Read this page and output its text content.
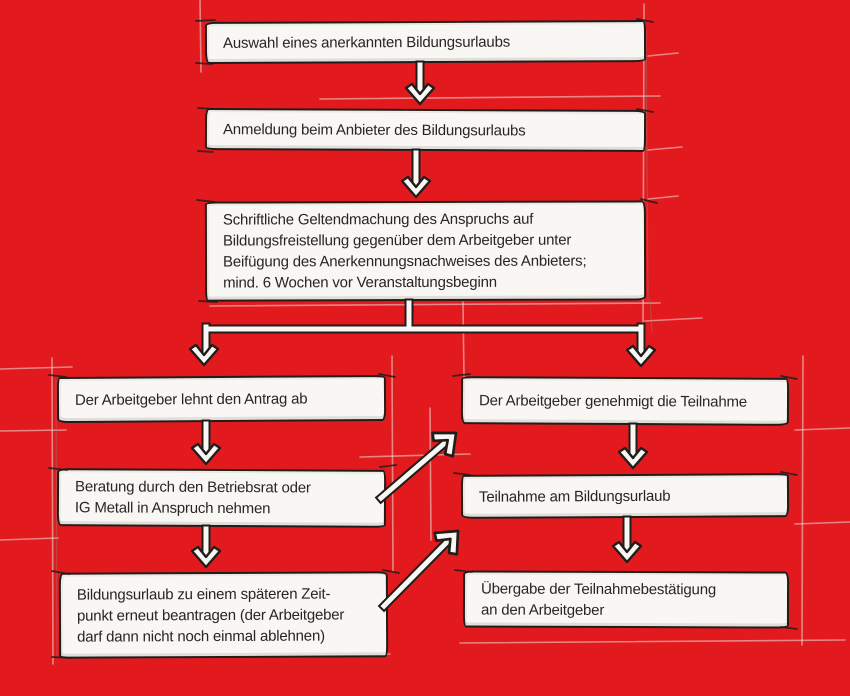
Auswahl eines anerkannten Bildungsurlaubs
Anmeldung beim Anbieter des Bildungsurlaubs
Schriftliche Geltendmachung des Anspruchs auf
Bildungsfreistellung gegenüber dem Arbeitgeber unter
Beifügung des Anerkennungsnachweises des Anbieters;
mind. 6 Wochen vor Veranstaltungsbeginn
Der Arbeitgeber lehnt den Antrag ab
Beratung durch den Betriebsrat oder
IG Metall in Anspruch nehmen
Bildungsurlaub zu einem späteren Zeit-
punkt erneut beantragen (der Arbeitgeber
darf dann nicht noch einmal ablehnen)
Der Arbeitgeber genehmigt die Teilnahme
Teilnahme am Bildungsurlaub
Übergabe der Teilnahmebestätigung
an den Arbeitgeber
